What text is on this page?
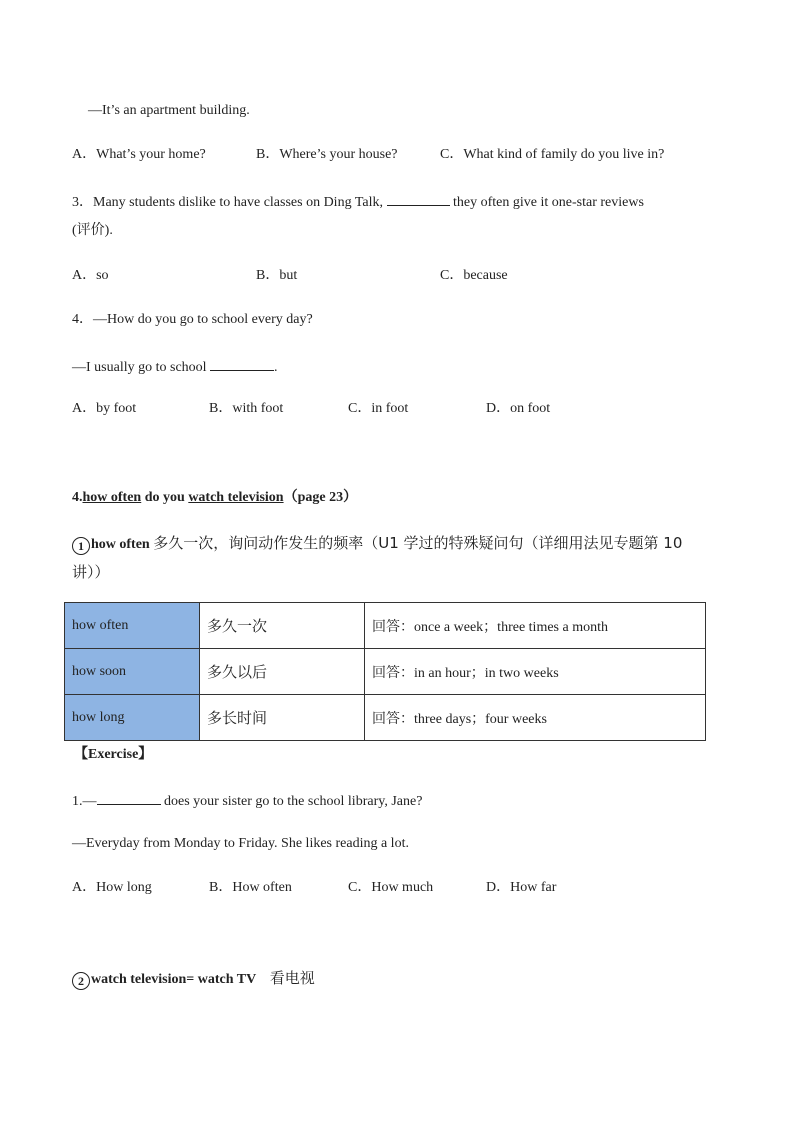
—It’s an apartment building.
A．What’s your home?	B．Where’s your house?	C．What kind of family do you live in?
3．Many students dislike to have classes on Ding Talk,	they often give it one-star reviews
(评价).
A．so	B．but	C．because
4．—How do you go to school every day?
—I usually go to school	.
A．by foot	B．with foot	C．in foot	D．on foot
4.how often do you watch television（page 23）
1 how often 多久一次，询问动作发生的频率（U1 学过的特殊疑问句（详细用法见专题第 10
讲））
how often	多久一次	回答：once a week；three times a month
how soon	多久以后	回答：in an hour；in two weeks
how long	多长时间	回答：three days；four weeks
【Exercise】
1.—	does your sister go to the school library, Jane?
—Everyday from Monday to Friday. She likes reading a lot.
A．How long	B．How often	C．How much	D．How far
2 watch television= watch TV 看电视
